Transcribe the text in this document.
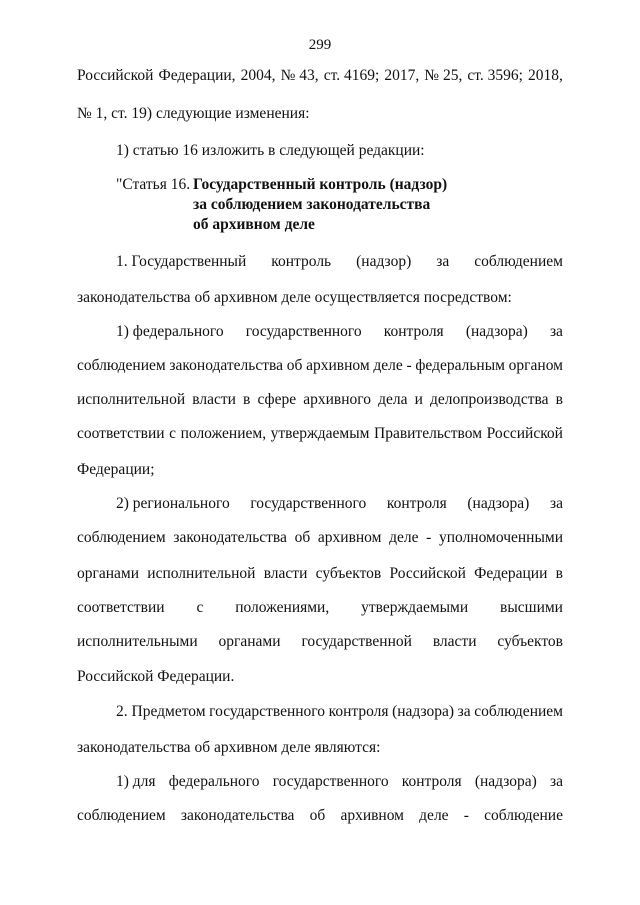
299
Российской Федерации, 2004, № 43, ст. 4169; 2017, № 25, ст. 3596; 2018,
№ 1, ст. 19) следующие изменения:
1) статью 16 изложить в следующей редакции:
"Статья 16. Государственный контроль (надзор)
за соблюдением законодательства
об архивном деле
1. Государственный контроль (надзор) за соблюдением
законодательства об архивном деле осуществляется посредством:
1) федерального государственного контроля (надзора) за
соблюдением законодательства об архивном деле - федеральным органом
исполнительной власти в сфере архивного дела и делопроизводства в
соответствии с положением, утверждаемым Правительством Российской
Федерации;
2) регионального государственного контроля (надзора) за
соблюдением законодательства об архивном деле - уполномоченными
органами исполнительной власти субъектов Российской Федерации в
соответствии с положениями, утверждаемыми высшими
исполнительными органами государственной власти субъектов
Российской Федерации.
2. Предметом государственного контроля (надзора) за соблюдением
законодательства об архивном деле являются:
1) для федерального государственного контроля (надзора) за
соблюдением законодательства об архивном деле - соблюдение
